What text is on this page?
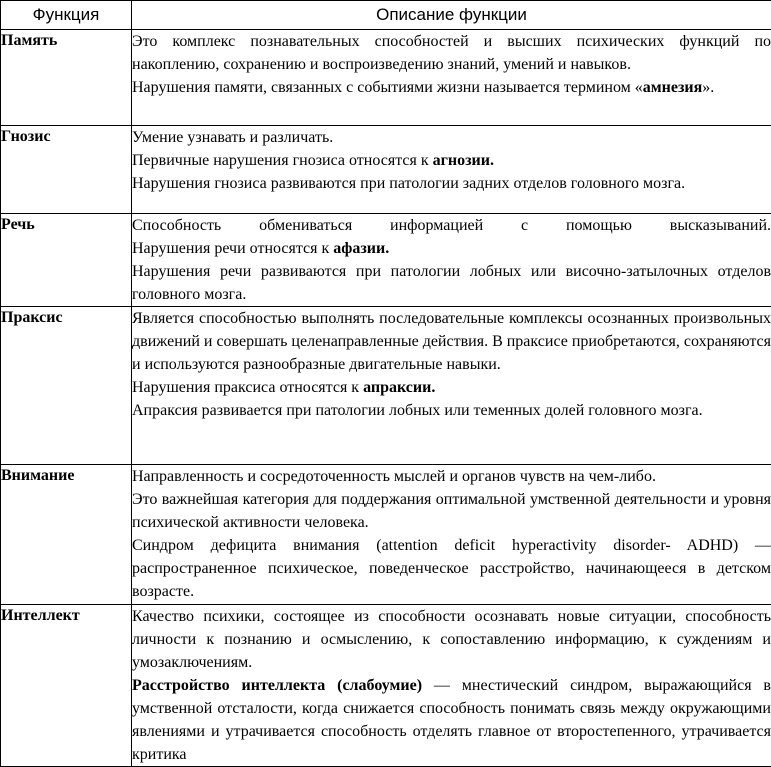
Функция	Описание функции
Память	Это комплекс познавательных способностей и высших психических функций по накоплению, сохранению и воспроизведению знаний, умений и навыков.

Нарушения памяти, связанных с событиями жизни называется термином «амнезия».

Гнозис	Умение узнавать и различать.

Первичные нарушения гнозиса относятся к агнозии.

Нарушения гнозиса развиваются при патологии задних отделов головного мозга.

Речь	Способность обмениваться информацией с помощью высказываний.

Нарушения речи относятся к афазии.

Нарушения речи развиваются при патологии лобных или височно-затылочных отделов головного мозга.

Праксис	Является способностью выполнять последовательные комплексы осознанных произвольных движений и совершать целенаправленные действия. В праксисе приобретаются, сохраняются и используются разнообразные двигательные навыки.

Нарушения праксиса относятся к апраксии.

Апраксия развивается при патологии лобных или теменных долей головного мозга.

Внимание	Направленность и сосредоточенность мыслей и органов чувств на чем-либо.

Это важнейшая категория для поддержания оптимальной умственной деятельности и уровня психической активности человека.

Синдром дефицита внимания (attention deficit hyperactivity disorder- ADHD) — распространенное психическое, поведенческое расстройство, начинающееся в детском возрасте.

Интеллект	Качество психики, состоящее из способности осознавать новые ситуации, способность личности к познанию и осмыслению, к сопоставлению информацию, к суждениям и умозаключениям.

Расстройство интеллекта (слабоумие) — мнестический синдром, выражающийся в умственной отсталости, когда снижается способность понимать связь между окружающими явлениями и утрачивается способность отделять главное от второстепенного, утрачивается критика
